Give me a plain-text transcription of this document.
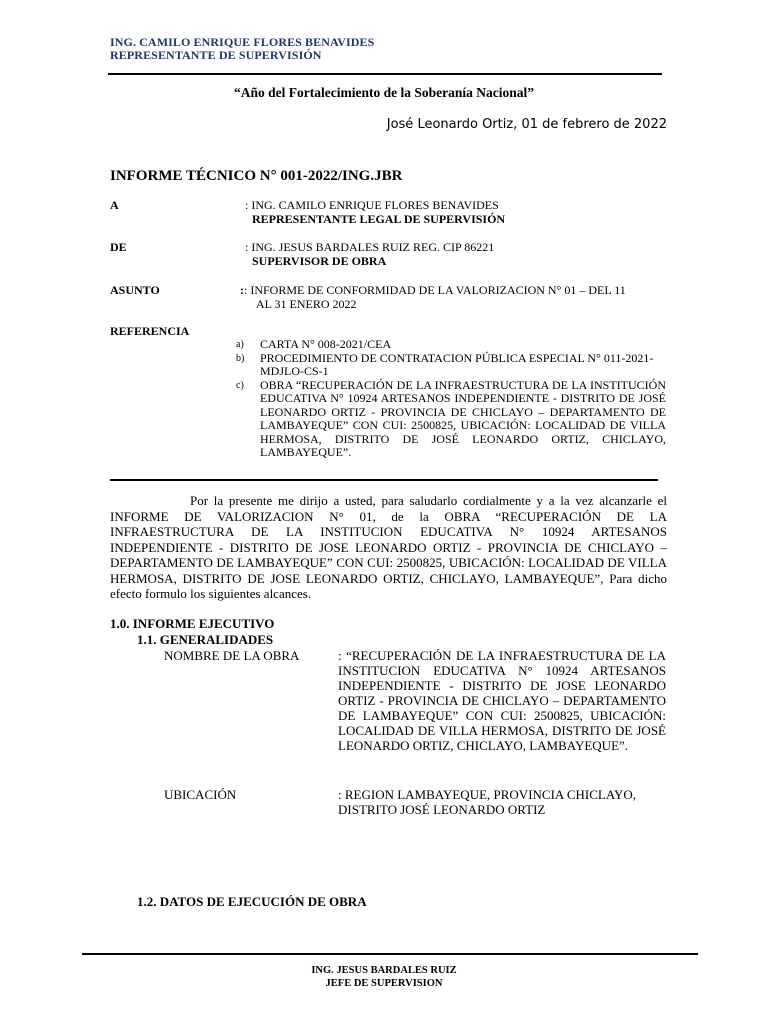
ING. CAMILO ENRIQUE FLORES BENAVIDES
REPRESENTANTE DE SUPERVISIÓN
“Año del Fortalecimiento de la Soberanía Nacional”
José Leonardo Ortiz, 01 de febrero de 2022
INFORME TÉCNICO N° 001-2022/ING.JBR
A	: ING. CAMILO ENRIQUE FLORES BENAVIDES
REPRESENTANTE LEGAL DE SUPERVISIÓN
DE	: ING. JESUS BARDALES RUIZ REG. CIP 86221
SUPERVISOR DE OBRA
ASUNTO	:: INFORME DE CONFORMIDAD DE LA VALORIZACION N° 01 – DEL 11
AL 31 ENERO 2022
REFERENCIA
a) CARTA N° 008-2021/CEA
b) PROCEDIMIENTO DE CONTRATACION PÚBLICA ESPECIAL N° 011-2021-MDJLO-CS-1
c) OBRA “RECUPERACIÓN DE LA INFRAESTRUCTURA DE LA INSTITUCIÓN EDUCATIVA N° 10924 ARTESANOS INDEPENDIENTE - DISTRITO DE JOSÉ LEONARDO ORTIZ - PROVINCIA DE CHICLAYO – DEPARTAMENTO DE LAMBAYEQUE” CON CUI: 2500825, UBICACIÓN: LOCALIDAD DE VILLA HERMOSA, DISTRITO DE JOSÉ LEONARDO ORTIZ, CHICLAYO, LAMBAYEQUE”.
Por la presente me dirijo a usted, para saludarlo cordialmente y a la vez alcanzarle el INFORME DE VALORIZACION N° 01, de la OBRA “RECUPERACIÓN DE LA INFRAESTRUCTURA DE LA INSTITUCION EDUCATIVA N° 10924 ARTESANOS INDEPENDIENTE - DISTRITO DE JOSE LEONARDO ORTIZ - PROVINCIA DE CHICLAYO – DEPARTAMENTO DE LAMBAYEQUE” CON CUI: 2500825, UBICACIÓN: LOCALIDAD DE VILLA HERMOSA, DISTRITO DE JOSE LEONARDO ORTIZ, CHICLAYO, LAMBAYEQUE”, Para dicho efecto formulo los siguientes alcances.
1.0. INFORME EJECUTIVO
1.1. GENERALIDADES
NOMBRE DE LA OBRA	: “RECUPERACIÓN DE LA INFRAESTRUCTURA DE LA INSTITUCION EDUCATIVA N° 10924 ARTESANOS INDEPENDIENTE - DISTRITO DE JOSE LEONARDO ORTIZ - PROVINCIA DE CHICLAYO – DEPARTAMENTO DE LAMBAYEQUE” CON CUI: 2500825, UBICACIÓN: LOCALIDAD DE VILLA HERMOSA, DISTRITO DE JOSÉ LEONARDO ORTIZ, CHICLAYO, LAMBAYEQUE”.
UBICACIÓN	: REGION LAMBAYEQUE, PROVINCIA CHICLAYO, DISTRITO JOSÉ LEONARDO ORTIZ
1.2. DATOS DE EJECUCIÓN DE OBRA
ING. JESUS BARDALES RUIZ
JEFE DE SUPERVISION
